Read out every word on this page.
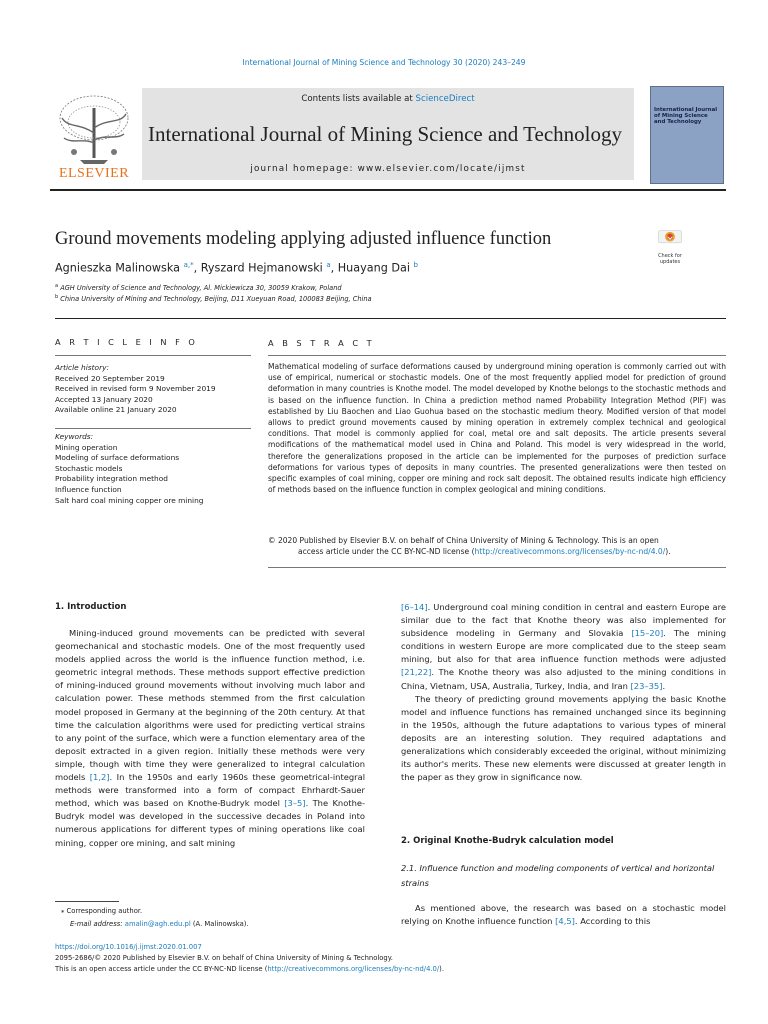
International Journal of Mining Science and Technology 30 (2020) 243–249
ELSEVIER
Contents lists available at ScienceDirect
International Journal of Mining Science and Technology
journal homepage: www.elsevier.com/locate/ijmst
International Journal of Mining Science and Technology
Ground movements modeling applying adjusted influence function
Check for updates
Agnieszka Malinowska $^{a,*}$, Ryszard Hejmanowski $^a$, Huayang Dai $^b$
$^a$ AGH University of Science and Technology, Al. Mickiewicza 30, 30059 Krakow, Poland
$^b$ China University of Mining and Technology, Beijing, D11 Xueyuan Road, 100083 Beijing, China
A R T I C L E I N F O	A B S T R A C T
Article history:
Received 20 September 2019
Received in revised form 9 November 2019
Accepted 13 January 2020
Available online 21 January 2020
Keywords:
Mining operation
Modeling of surface deformations
Stochastic models
Probability integration method
Influence function
Salt hard coal mining copper ore mining
Mathematical modeling of surface deformations caused by underground mining operation is commonly carried out with use of empirical, numerical or stochastic models. One of the most frequently applied model for prediction of ground deformation in many countries is Knothe model. The model developed by Knothe belongs to the stochastic methods and is based on the influence function. In China a prediction method named Probability Integration Method (PIF) was established by Liu Baochen and Liao Guohua based on the stochastic medium theory. Modified version of that model allows to predict ground movements caused by mining operation in extremely complex technical and geological conditions. That model is commonly applied for coal, metal ore and salt deposits. The article presents several modifications of the mathematical model used in China and Poland. This model is very widespread in the world, therefore the generalizations proposed in the article can be implemented for the purposes of prediction surface deformations for various types of deposits in many countries. The presented generalizations were then tested on specific examples of coal mining, copper ore mining and rock salt deposit. The obtained results indicate high efficiency of methods based on the influence function in complex geological and mining conditions.
© 2020 Published by Elsevier B.V. on behalf of China University of Mining & Technology. This is an open
access article under the CC BY-NC-ND license (http://creativecommons.org/licenses/by-nc-nd/4.0/).
1. Introduction

Mining-induced ground movements can be predicted with several geomechanical and stochastic models. One of the most frequently used models applied across the world is the influence function method, i.e. geometric integral methods. These methods support effective prediction of mining-induced ground movements without involving much labor and calculation power. These methods stemmed from the first calculation model proposed in Germany at the beginning of the 20th century. At that time the calculation algorithms were used for predicting vertical strains to any point of the surface, which were a function elementary area of the deposit extracted in a given region. Initially these methods were very simple, though with time they were generalized to integral calculation models [1,2]. In the 1950s and early 1960s these geometrical-integral methods were transformed into a form of compact Ehrhardt-Sauer method, which was based on Knothe-Budryk model [3–5]. The Knothe-Budryk model was developed in the successive decades in Poland into numerous applications for different types of mining operations like coal mining, copper ore mining, and salt mining

⁎ Corresponding author.
E-mail address: amalin@agh.edu.pl (A. Malinowska).

[6–14]. Underground coal mining condition in central and eastern Europe are similar due to the fact that Knothe theory was also implemented for subsidence modeling in Germany and Slovakia [15–20]. The mining conditions in western Europe are more complicated due to the steep seam mining, but also for that area influence function methods were adjusted [21,22]. The Knothe theory was also adjusted to the mining conditions in China, Vietnam, USA, Australia, Turkey, India, and Iran [23–35].

The theory of predicting ground movements applying the basic Knothe model and influence functions has remained unchanged since its beginning in the 1950s, although the future adaptations to various types of mineral deposits are an interesting solution. They required adaptations and generalizations which considerably exceeded the original, without minimizing its author's merits. These new elements were discussed at greater length in the paper as they grow in significance now.

2. Original Knothe-Budryk calculation model
2.1. Influence function and modeling components of vertical and horizontal strains

As mentioned above, the research was based on a stochastic model relying on Knothe influence function [4,5]. According to this

https://doi.org/10.1016/j.ijmst.2020.01.007
2095-2686/© 2020 Published by Elsevier B.V. on behalf of China University of Mining & Technology.
This is an open access article under the CC BY-NC-ND license (http://creativecommons.org/licenses/by-nc-nd/4.0/).
